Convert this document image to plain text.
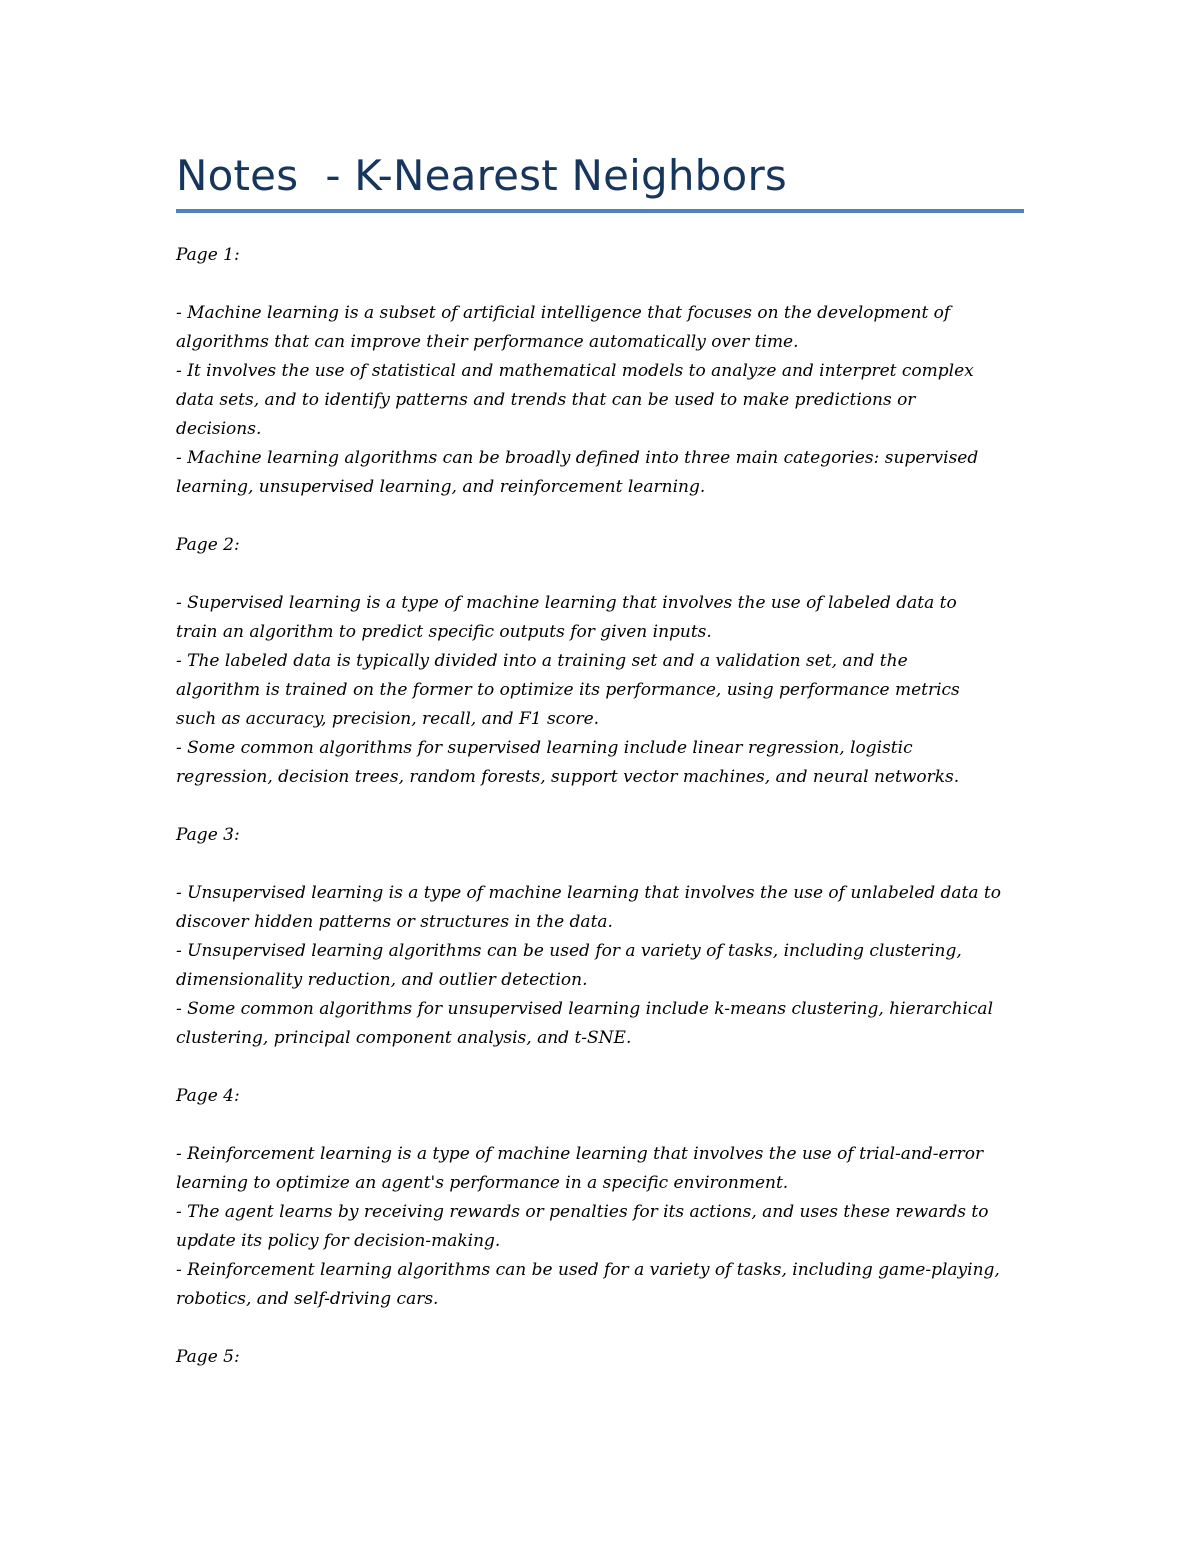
Notes  - K-Nearest Neighbors
Page 1:
- Machine learning is a subset of artificial intelligence that focuses on the development of
algorithms that can improve their performance automatically over time.
- It involves the use of statistical and mathematical models to analyze and interpret complex
data sets, and to identify patterns and trends that can be used to make predictions or
decisions.
- Machine learning algorithms can be broadly defined into three main categories: supervised
learning, unsupervised learning, and reinforcement learning.
Page 2:
- Supervised learning is a type of machine learning that involves the use of labeled data to
train an algorithm to predict specific outputs for given inputs.
- The labeled data is typically divided into a training set and a validation set, and the
algorithm is trained on the former to optimize its performance, using performance metrics
such as accuracy, precision, recall, and F1 score.
- Some common algorithms for supervised learning include linear regression, logistic
regression, decision trees, random forests, support vector machines, and neural networks.
Page 3:
- Unsupervised learning is a type of machine learning that involves the use of unlabeled data to
discover hidden patterns or structures in the data.
- Unsupervised learning algorithms can be used for a variety of tasks, including clustering,
dimensionality reduction, and outlier detection.
- Some common algorithms for unsupervised learning include k-means clustering, hierarchical
clustering, principal component analysis, and t-SNE.
Page 4:
- Reinforcement learning is a type of machine learning that involves the use of trial-and-error
learning to optimize an agent's performance in a specific environment.
- The agent learns by receiving rewards or penalties for its actions, and uses these rewards to
update its policy for decision-making.
- Reinforcement learning algorithms can be used for a variety of tasks, including game-playing,
robotics, and self-driving cars.
Page 5:
